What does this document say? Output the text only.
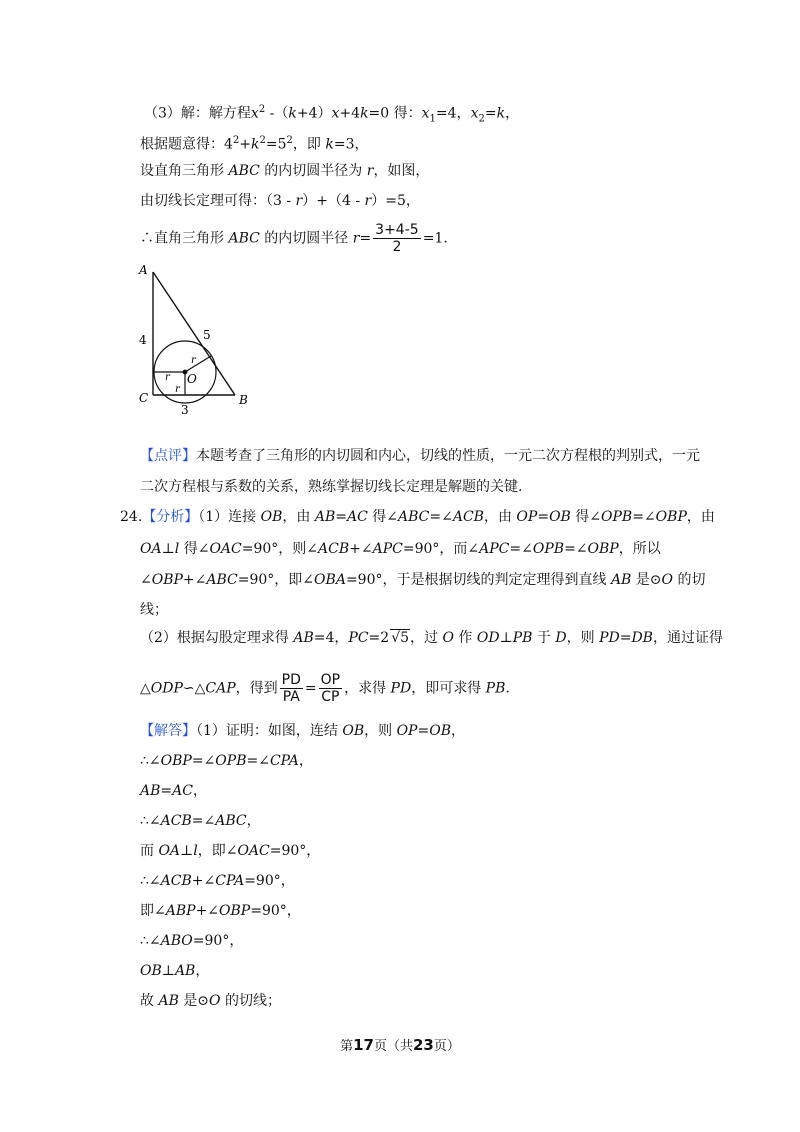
（3）解：解方程$x^2$ -（k+4）x+4k=0 得：$x_1=4$，$x_2=k$，
根据题意得：$4^2+k^2=5^2$，即 k=3，
设直角三角形 ABC 的内切圆半径为 r，如图，
由切线长定理可得：（3 - r）+（4 - r）=5，
∴直角三角形 ABC 的内切圆半径 $r= \frac{3+4-5}{2} =1$.
A
4	5
C	B
3
O
r
r
r
【点评】本题考查了三角形的内切圆和内心，切线的性质，一元二次方程根的判别式，一元
二次方程根与系数的关系，熟练掌握切线长定理是解题的关键.
24.【分析】（1）连接 OB，由 AB=AC 得∠ABC=∠ACB，由 OP=OB 得∠OPB=∠OBP，由
OA⊥l 得∠OAC=90°，则∠ACB+∠APC=90°，而∠APC=∠OPB=∠OBP，所以
∠OBP+∠ABC=90°，即∠OBA=90°，于是根据切线的判定定理得到直线 AB 是⊙O 的切
线；
（2）根据勾股定理求得 AB=4，PC=2 √5，过 O 作 OD⊥PB 于 D，则 PD=DB，通过证得
△ODP∽△CAP，得到 $\frac{PD}{PA} = \frac{OP}{CP}$ ，求得 PD，即可求得 PB.
【解答】（1）证明：如图，连结 OB，则 OP=OB，
∴∠OBP=∠OPB=∠CPA，
AB=AC，
∴∠ACB=∠ABC，
而 OA⊥l，即∠OAC=90°，
∴∠ACB+∠CPA=90°，
即∠ABP+∠OBP=90°，
∴∠ABO=90°，
OB⊥AB，
故 AB 是⊙O 的切线；
第17页（共23页）
